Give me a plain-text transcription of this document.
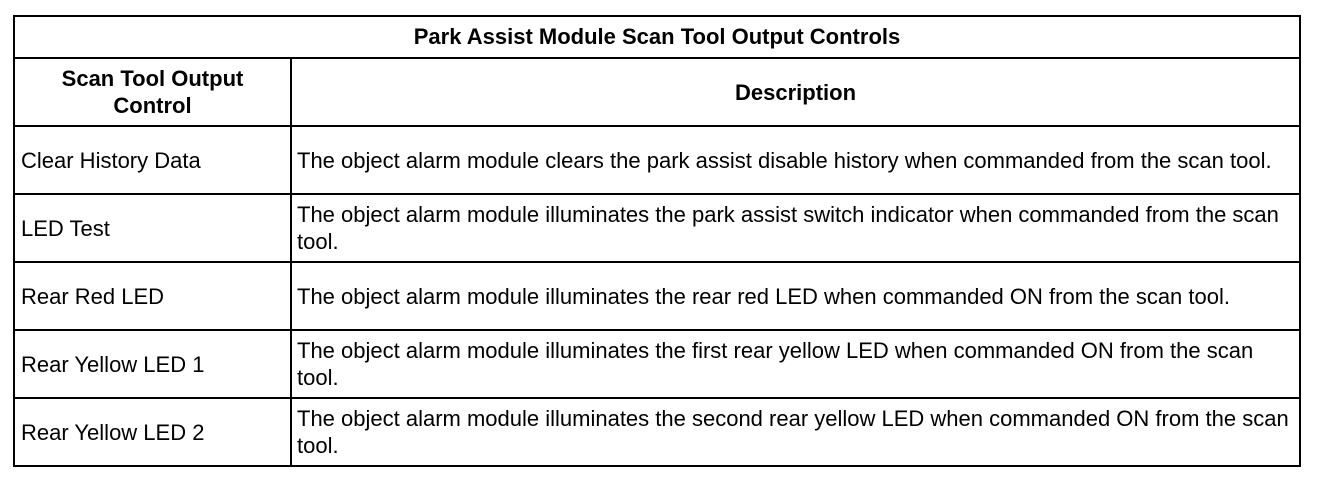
Park Assist Module Scan Tool Output Controls	
Scan Tool Output
Control	Description

Clear History Data	The object alarm module clears the park assist disable history when commanded from the scan tool.

LED Test	The object alarm module illuminates the park assist switch indicator when commanded from the scan tool.

Rear Red LED	The object alarm module illuminates the rear red LED when commanded ON from the scan tool.

Rear Yellow LED 1	The object alarm module illuminates the first rear yellow LED when commanded ON from the scan tool.

Rear Yellow LED 2	The object alarm module illuminates the second rear yellow LED when commanded ON from the scan tool.
